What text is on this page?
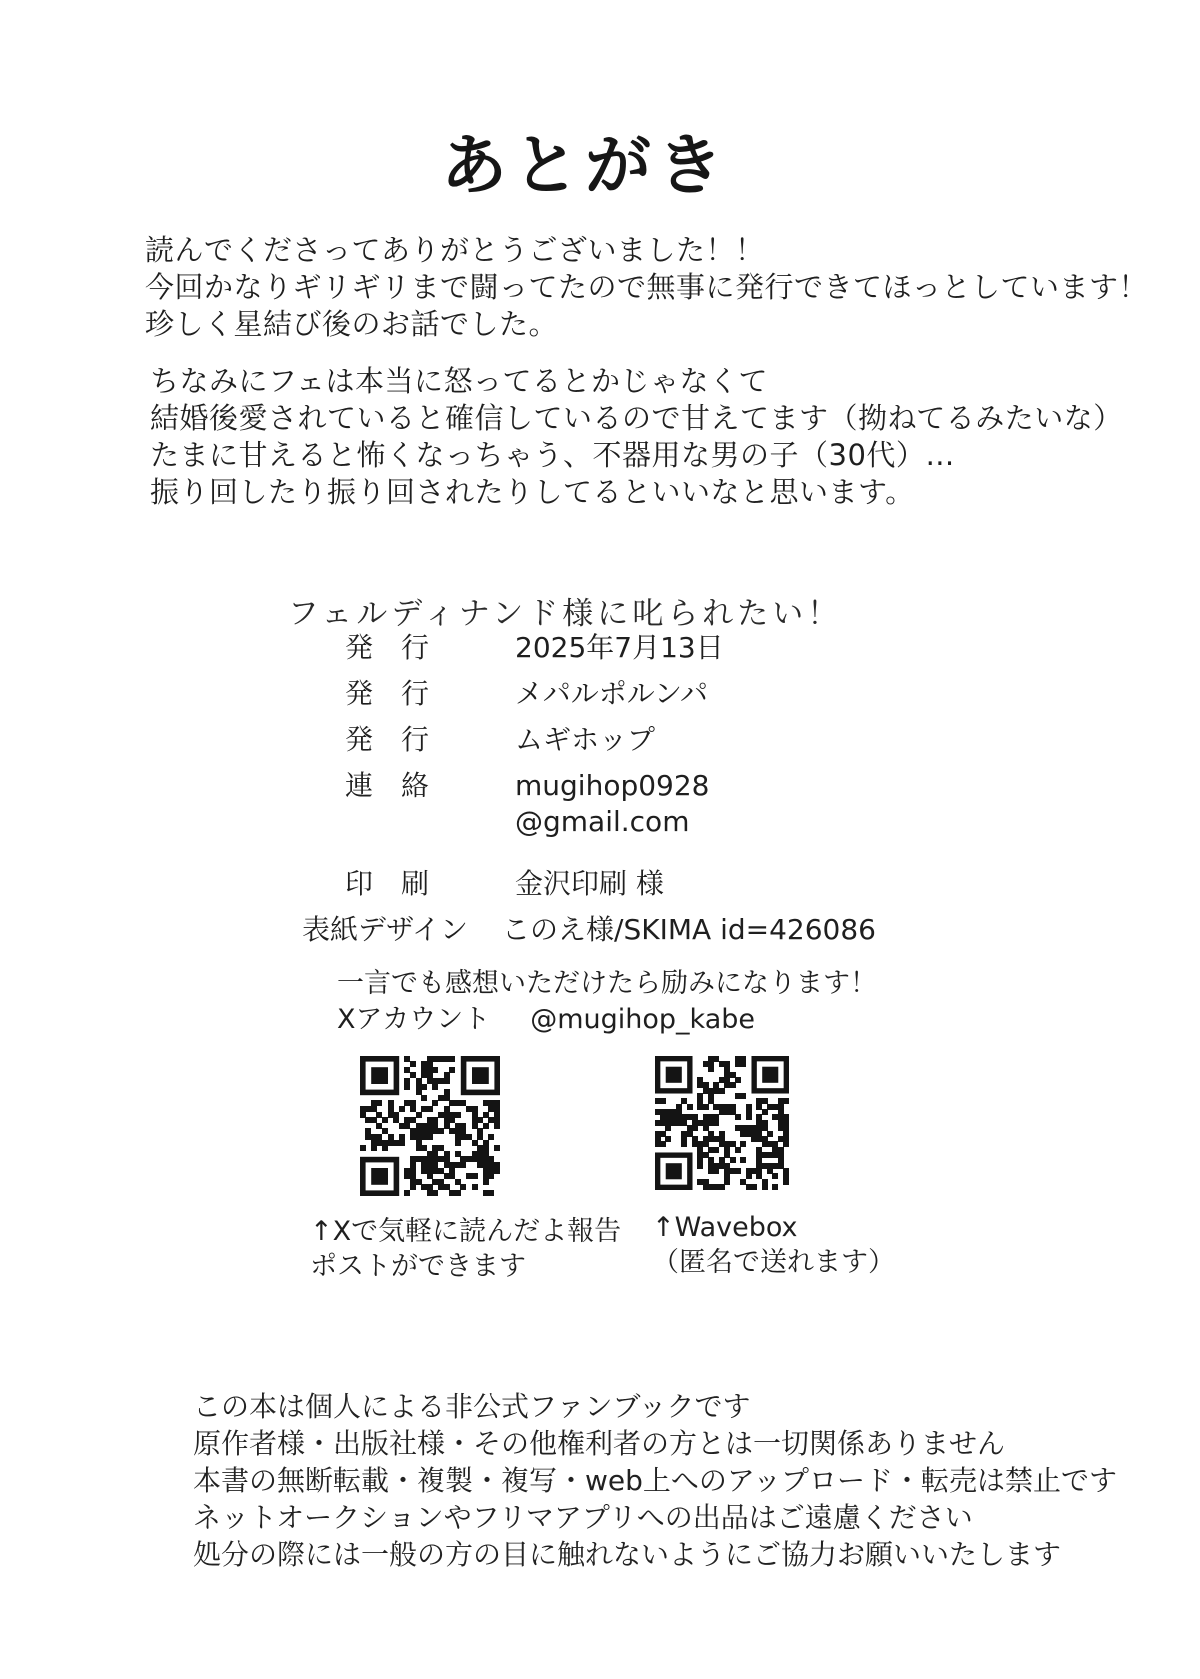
あとがき
読んでくださってありがとうございました！！
今回かなりギリギリまで闘ってたので無事に発行できてほっとしています！
珍しく星結び後のお話でした。
ちなみにフェは本当に怒ってるとかじゃなくて
結婚後愛されていると確信しているので甘えてます（拗ねてるみたいな）
たまに甘えると怖くなっちゃう、不器用な男の子（30代）…
振り回したり振り回されたりしてるといいなと思います。
フェルディナンド様に叱られたい！
発　行	2025年7月13日
発　行	メパルポルンパ
発　行	ムギホップ
連　絡	mugihop0928
@gmail.com
印　刷	金沢印刷 様
表紙デザイン このえ様/SKIMA id=426086
一言でも感想いただけたら励みになります！
Xアカウント @mugihop_kabe
↑Xで気軽に読んだよ報告
ポストができます
↑Wavebox
（匿名で送れます）
この本は個人による非公式ファンブックです
原作者様・出版社様・その他権利者の方とは一切関係ありません
本書の無断転載・複製・複写・web上へのアップロード・転売は禁止です
ネットオークションやフリマアプリへの出品はご遠慮ください
処分の際には一般の方の目に触れないようにご協力お願いいたします
